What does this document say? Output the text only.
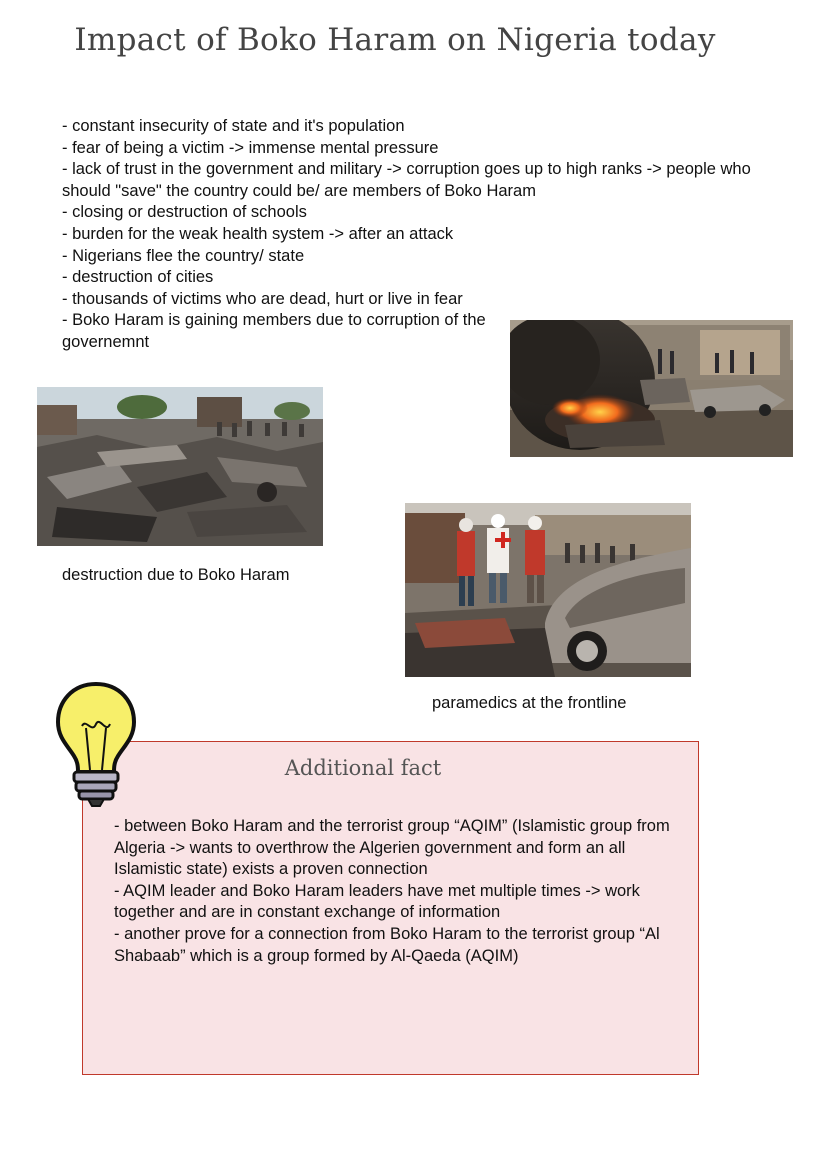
Impact of Boko Haram on Nigeria today
- constant insecurity of state and it's population
- fear of being a victim -> immense mental pressure
- lack of trust in the government and military -> corruption goes up to high ranks -> people who should "save" the country could be/ are members of Boko Haram
- closing or destruction of schools
- burden for the weak health system -> after an attack
- Nigerians flee the country/ state
- destruction of cities
- thousands of victims who are dead, hurt or live in fear
- Boko Haram is gaining members due to corruption of the governemnt
destruction due to Boko Haram
paramedics at the frontline
Additional fact
- between Boko Haram and the terrorist group “AQIM” (Islamistic group from Algeria -> wants to overthrow the Algerien government and form an all Islamistic state) exists a proven connection
- AQIM leader and Boko Haram leaders have met multiple times -> work together and are in constant exchange of information
- another prove for a connection from Boko Haram to the terrorist group “Al Shabaab” which is a group formed by Al-Qaeda (AQIM)
